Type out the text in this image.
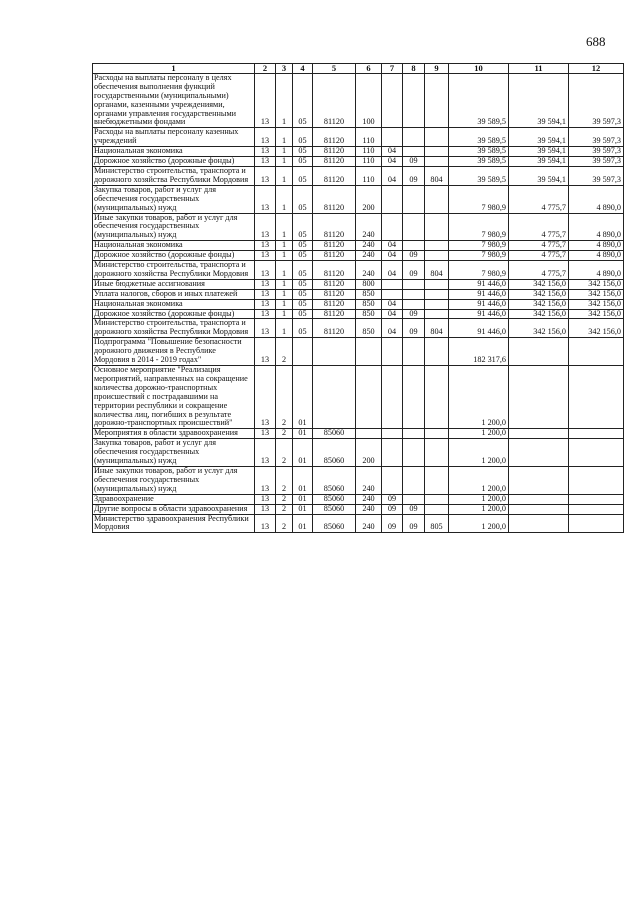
688
1	2	3	4	5	6	7	8	9	10	11	12
Расходы на выплаты персоналу в целях обеспечения выполнения функций государственными (муниципальными) органами, казенными учреждениями, органами управления государственными внебюджетными фондами	13	1	05	81120	100				39 589,5	39 594,1	39 597,3
Расходы на выплаты персоналу казенных учреждений	13	1	05	81120	110				39 589,5	39 594,1	39 597,3
Национальная экономика	13	1	05	81120	110	04			39 589,5	39 594,1	39 597,3
Дорожное хозяйство (дорожные фонды)	13	1	05	81120	110	04	09		39 589,5	39 594,1	39 597,3
Министерство строительства, транспорта и дорожного хозяйства Республики Мордовия	13	1	05	81120	110	04	09	804	39 589,5	39 594,1	39 597,3
Закупка товаров, работ и услуг для обеспечения государственных (муниципальных) нужд	13	1	05	81120	200				7 980,9	4 775,7	4 890,0
Иные закупки товаров, работ и услуг для обеспечения государственных (муниципальных) нужд	13	1	05	81120	240				7 980,9	4 775,7	4 890,0
Национальная экономика	13	1	05	81120	240	04			7 980,9	4 775,7	4 890,0
Дорожное хозяйство (дорожные фонды)	13	1	05	81120	240	04	09		7 980,9	4 775,7	4 890,0
Министерство строительства, транспорта и дорожного хозяйства Республики Мордовия	13	1	05	81120	240	04	09	804	7 980,9	4 775,7	4 890,0
Иные бюджетные ассигнования	13	1	05	81120	800				91 446,0	342 156,0	342 156,0
Уплата налогов, сборов и иных платежей	13	1	05	81120	850				91 446,0	342 156,0	342 156,0
Национальная экономика	13	1	05	81120	850	04			91 446,0	342 156,0	342 156,0
Дорожное хозяйство (дорожные фонды)	13	1	05	81120	850	04	09		91 446,0	342 156,0	342 156,0
Министерство строительства, транспорта и дорожного хозяйства Республики Мордовия	13	1	05	81120	850	04	09	804	91 446,0	342 156,0	342 156,0
Подпрограмма "Повышение безопасности дорожного движения в Республике Мордовия в 2014 - 2019 годах"	13	2							182 317,6		
Основное мероприятие "Реализация мероприятий, направленных на сокращение количества дорожно-транспортных происшествий с пострадавшими на территории республики и сокращение количества лиц, погибших в результате дорожно-транспортных происшествий"	13	2	01						1 200,0		
Мероприятия в области здравоохранения	13	2	01	85060					1 200,0		
Закупка товаров, работ и услуг для обеспечения государственных (муниципальных) нужд	13	2	01	85060	200				1 200,0		
Иные закупки товаров, работ и услуг для обеспечения государственных (муниципальных) нужд	13	2	01	85060	240				1 200,0		
Здравоохранение	13	2	01	85060	240	09			1 200,0		
Другие вопросы в области здравоохранения	13	2	01	85060	240	09	09		1 200,0		
Министерство здравоохранения Республики Мордовия	13	2	01	85060	240	09	09	805	1 200,0		
